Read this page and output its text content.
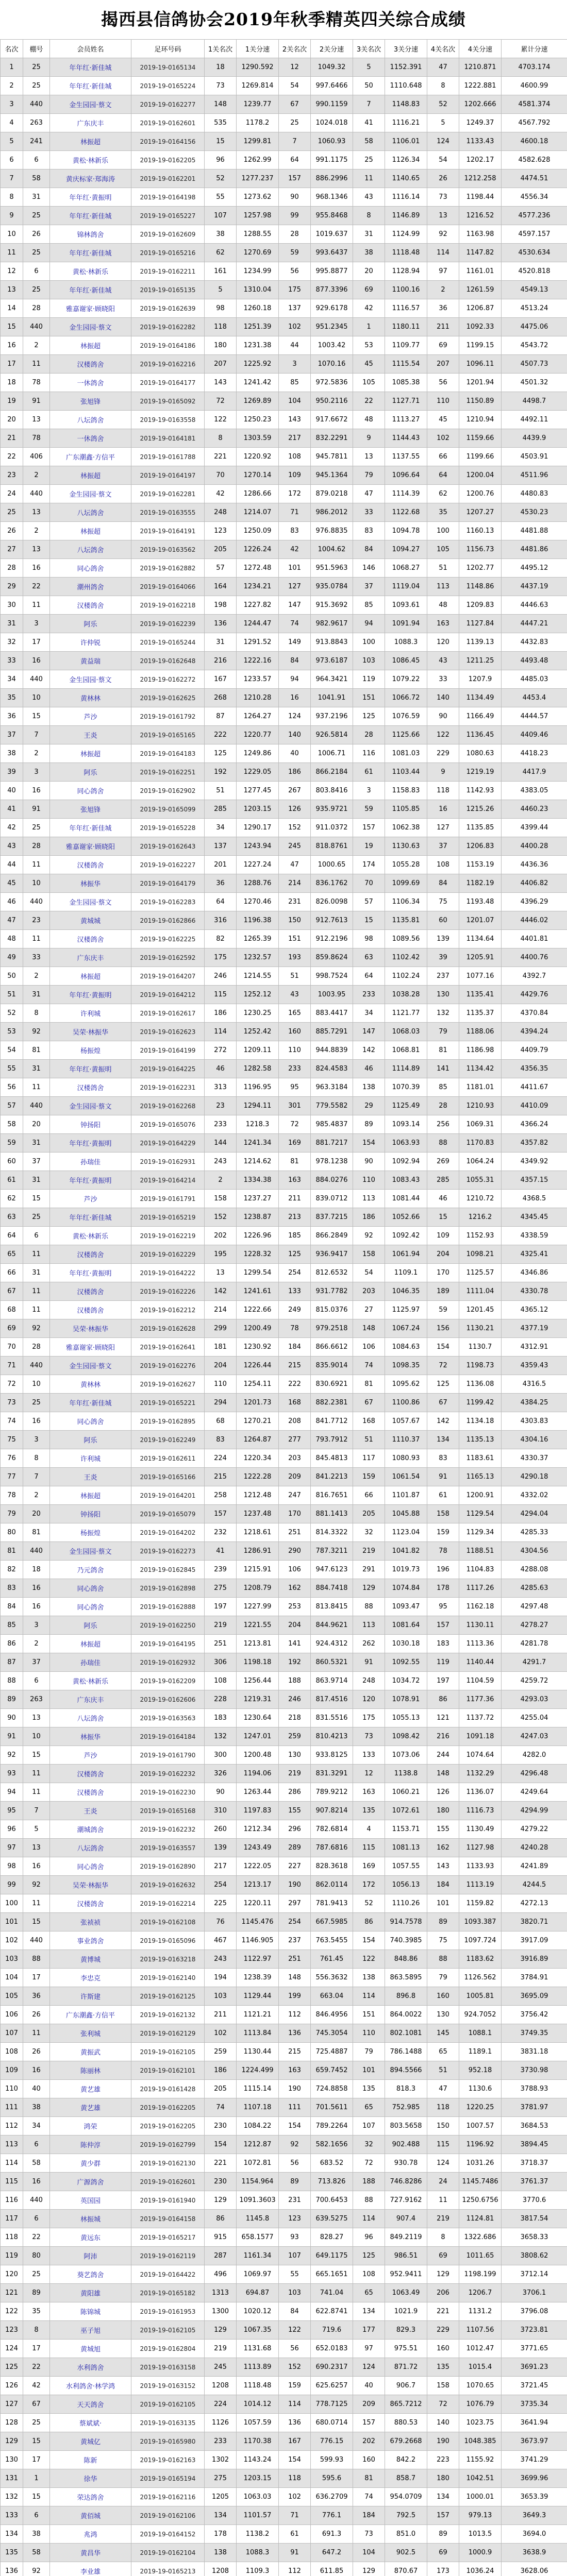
揭西县信鸽协会2019年秋季精英四关综合成绩
名次	棚号	会员姓名	足环号码	1关名次	1关分速	2关名次	2关分速	3关名次	3关分速	4关名次	4关分速	累计分速
1	25	年年红·新佳城	2019-19-0165134	18	1290.592	12	1049.32	5	1152.391	47	1210.871	4703.174
2	25	年年红·新佳城	2019-19-0165224	73	1269.814	54	997.6466	50	1110.648	8	1222.881	4600.99
3	440	金生园园·蔡文	2019-19-0162277	148	1239.77	67	990.1159	7	1148.83	52	1202.666	4581.374
4	263	广东庆丰	2019-19-0162601	535	1178.2	25	1024.018	41	1116.21	5	1249.37	4567.792
5	241	林振超	2019-19-0164156	15	1299.81	7	1060.93	58	1106.01	124	1133.43	4600.18
6	6	黄松·林新乐	2019-19-0162205	96	1262.99	64	991.1175	25	1126.34	54	1202.17	4582.628
7	58	黄庆标家·郑海涛	2019-19-0162201	52	1277.237	157	886.2996	11	1140.65	26	1212.258	4474.51
8	31	年年红·黄振明	2019-19-0164198	55	1273.62	90	968.1346	43	1116.14	73	1198.44	4556.34
9	25	年年红·新佳城	2019-19-0165227	107	1257.98	99	955.8468	8	1146.89	13	1216.52	4577.236
10	26	锦林鸽舍	2019-19-0162609	38	1288.55	28	1019.637	31	1124.99	92	1163.98	4597.157
11	25	年年红·新佳城	2019-19-0165216	62	1270.69	59	993.6437	38	1118.48	114	1147.82	4530.634
12	6	黄松·林新乐	2019-19-0162211	161	1234.99	56	995.8877	20	1128.94	97	1161.01	4520.818
13	25	年年红·新佳城	2019-19-0165135	5	1310.04	175	877.3396	69	1100.16	2	1261.59	4549.13
14	28	雅嘉谢家·顾晓阳	2019-19-0162639	98	1260.18	137	929.6178	42	1116.57	36	1206.87	4513.24
15	440	金生园园·蔡文	2019-19-0162282	118	1251.39	102	951.2345	1	1180.11	211	1092.33	4475.06
16	2	林振超	2019-19-0164186	180	1231.38	44	1003.42	53	1109.77	69	1199.15	4543.72
17	11	汉楼鸽舍	2019-19-0162216	207	1225.92	3	1070.16	45	1115.54	207	1096.11	4507.73
18	78	一休鸽舍	2019-19-0164177	143	1241.42	85	972.5836	105	1085.38	56	1201.94	4501.32
19	91	张旭锋	2019-19-0165092	72	1269.89	104	950.2116	22	1127.71	110	1150.89	4498.7
20	13	八坛鸽舍	2019-19-0163558	122	1250.23	143	917.6672	48	1113.27	45	1210.94	4492.11
21	78	一休鸽舍	2019-19-0164181	8	1303.59	217	832.2291	9	1144.43	102	1159.66	4439.9
22	406	广东潮鑫·方信平	2019-19-0161788	221	1220.92	108	945.7811	13	1137.55	66	1199.66	4503.91
23	2	林振超	2019-19-0164197	70	1270.14	109	945.1364	79	1096.64	64	1200.04	4511.96
24	440	金生园园·蔡文	2019-19-0162281	42	1286.66	172	879.0218	47	1114.39	62	1200.76	4480.83
25	13	八坛鸽舍	2019-19-0163555	248	1214.07	71	986.2012	33	1122.68	35	1207.27	4530.23
26	2	林振超	2019-19-0164191	123	1250.09	83	976.8835	83	1094.78	100	1160.13	4481.88
27	13	八坛鸽舍	2019-19-0163562	205	1226.24	42	1004.62	84	1094.27	105	1156.73	4481.86
28	16	同心鸽舍	2019-19-0162882	57	1272.48	101	951.5963	146	1068.27	51	1202.77	4495.12
29	22	潮州鸽舍	2019-19-0164066	164	1234.21	127	935.0784	37	1119.04	113	1148.86	4437.19
30	11	汉楼鸽舍	2019-19-0162218	198	1227.82	147	915.3692	85	1093.61	48	1209.83	4446.63
31	3	阿乐	2019-19-0162239	136	1244.47	74	982.9617	94	1091.94	163	1127.84	4447.21
32	17	许仲锐	2019-19-0165244	31	1291.52	149	913.8843	100	1088.3	120	1139.13	4432.83
33	16	黄益瑞	2019-19-0162648	216	1222.16	84	973.6187	103	1086.45	43	1211.25	4493.48
34	440	金生园园·蔡文	2019-19-0162272	167	1233.57	94	964.3421	119	1079.22	33	1207.9	4485.03
35	10	黄林林	2019-19-0162625	268	1210.28	16	1041.91	151	1066.72	140	1134.49	4453.4
36	15	芦沙	2019-19-0161792	87	1264.27	124	937.2196	125	1076.59	90	1166.49	4444.57
37	7	王炎	2019-19-0165165	222	1220.77	140	926.5814	28	1125.66	122	1136.45	4409.46
38	2	林振超	2019-19-0164183	125	1249.86	40	1006.71	116	1081.03	229	1080.63	4418.23
39	3	阿乐	2019-19-0162251	192	1229.05	186	866.2184	61	1103.44	9	1219.19	4417.9
40	16	同心鸽舍	2019-19-0162902	51	1277.45	267	803.8416	3	1158.83	118	1142.93	4383.05
41	91	张旭锋	2019-19-0165099	285	1203.15	126	935.9721	59	1105.85	16	1215.26	4460.23
42	25	年年红·新佳城	2019-19-0165228	34	1290.17	152	911.0372	157	1062.38	127	1135.85	4399.44
43	28	雅嘉谢家·顾晓阳	2019-19-0162643	137	1243.94	245	818.8761	19	1130.63	37	1206.83	4400.28
44	11	汉楼鸽舍	2019-19-0162227	201	1227.24	47	1000.65	174	1055.28	108	1153.19	4436.36
45	10	林振华	2019-19-0164179	36	1288.76	214	836.1762	70	1099.69	84	1182.19	4406.82
46	440	金生园园·蔡文	2019-19-0162283	64	1270.46	231	826.0098	57	1106.34	75	1193.48	4396.29
47	23	黄城城	2019-19-0162866	316	1196.38	150	912.7613	15	1135.81	60	1201.07	4446.02
48	11	汉楼鸽舍	2019-19-0162225	82	1265.39	151	912.2196	98	1089.56	139	1134.64	4401.81
49	33	广东庆丰	2019-19-0162592	175	1232.57	193	859.8624	63	1102.42	39	1205.91	4400.76
50	2	林振超	2019-19-0164207	246	1214.55	51	998.7524	64	1102.24	237	1077.16	4392.7
51	31	年年红·黄振明	2019-19-0164212	115	1252.12	43	1003.95	233	1038.28	130	1135.41	4429.76
52	8	许利城	2019-19-0162617	186	1230.25	165	883.4417	34	1121.77	132	1135.37	4370.84
53	92	吴荣·林振华	2019-19-0162623	114	1252.42	160	885.7291	147	1068.03	79	1188.06	4394.24
54	81	杨振煌	2019-19-0164199	272	1209.11	110	944.8839	142	1068.81	81	1186.98	4409.79
55	31	年年红·黄振明	2019-19-0164225	46	1282.58	233	824.4583	46	1114.89	141	1134.42	4356.35
56	11	汉楼鸽舍	2019-19-0162231	313	1196.95	95	963.3184	138	1070.39	85	1181.01	4411.67
57	440	金生园园·蔡文	2019-19-0162268	23	1294.11	301	779.5582	29	1125.49	28	1210.93	4410.09
58	20	钟扬阳	2019-19-0165076	233	1218.3	72	985.4837	89	1093.14	256	1069.31	4366.24
59	31	年年红·黄振明	2019-19-0164229	144	1241.34	169	881.7217	154	1063.93	88	1170.83	4357.82
60	37	孙瑞佳	2019-19-0162931	243	1214.62	81	978.1238	90	1092.94	269	1064.24	4349.92
61	31	年年红·黄振明	2019-19-0164214	2	1334.38	163	884.0276	110	1083.43	285	1055.31	4357.15
62	15	芦沙	2019-19-0161791	158	1237.27	211	839.0712	113	1081.44	46	1210.72	4368.5
63	25	年年红·新佳城	2019-19-0165219	152	1238.87	213	837.7215	186	1052.66	15	1216.2	4345.45
64	6	黄松·林新乐	2019-19-0162219	202	1226.96	185	866.2849	92	1092.42	109	1152.93	4338.59
65	11	汉楼鸽舍	2019-19-0162229	195	1228.32	125	936.9417	158	1061.94	204	1098.21	4325.41
66	31	年年红·黄振明	2019-19-0164222	13	1299.54	254	812.6532	54	1109.1	170	1125.57	4346.86
67	11	汉楼鸽舍	2019-19-0162226	142	1241.61	133	931.7782	203	1046.35	189	1111.04	4330.78
68	11	汉楼鸽舍	2019-19-0162212	214	1222.66	249	815.0376	27	1125.97	59	1201.45	4365.12
69	92	吴荣·林振华	2019-19-0162628	299	1200.49	78	979.2518	148	1067.24	156	1130.21	4377.19
70	28	雅嘉谢家·顾晓阳	2019-19-0162641	181	1230.92	184	866.6612	106	1084.63	154	1130.7	4312.91
71	440	金生园园·蔡文	2019-19-0162276	204	1226.44	215	835.9014	74	1098.35	72	1198.73	4359.43
72	10	黄林林	2019-19-0162627	110	1254.11	222	830.6921	81	1095.62	125	1136.08	4316.5
73	25	年年红·新佳城	2019-19-0165221	294	1201.73	168	882.2381	67	1100.86	67	1199.42	4384.25
74	16	同心鸽舍	2019-19-0162895	68	1270.21	208	841.7712	168	1057.67	142	1134.18	4303.83
75	3	阿乐	2019-19-0162249	83	1264.87	277	793.7912	51	1110.37	134	1135.13	4304.16
76	8	许利城	2019-19-0162611	224	1220.34	203	845.4813	117	1080.93	83	1183.61	4330.37
77	7	王炎	2019-19-0165166	215	1222.28	209	841.2213	159	1061.54	91	1165.13	4290.18
78	2	林振超	2019-19-0164201	258	1212.48	247	816.7651	66	1101.87	61	1200.91	4332.02
79	20	钟扬阳	2019-19-0165079	157	1237.48	170	881.1413	205	1045.88	158	1129.54	4294.04
80	81	杨振煌	2019-19-0164202	232	1218.61	251	814.3322	32	1123.04	159	1129.34	4285.33
81	440	金生园园·蔡文	2019-19-0162273	41	1286.91	290	787.3211	219	1041.82	78	1188.51	4304.56
82	18	乃元鸽舍	2019-19-0162845	239	1215.91	106	947.6123	291	1019.73	196	1104.83	4288.08
83	16	同心鸽舍	2019-19-0162898	275	1208.79	162	884.7418	129	1074.84	178	1117.26	4285.63
84	16	同心鸽舍	2019-19-0162888	197	1227.99	253	813.8415	88	1093.47	95	1162.18	4297.48
85	3	阿乐	2019-19-0162250	219	1221.55	204	844.9621	113	1081.64	157	1130.11	4278.27
86	2	林振超	2019-19-0164195	251	1213.81	141	924.4312	262	1030.18	183	1113.36	4281.78
87	37	孙瑞佳	2019-19-0162932	306	1198.18	192	860.5321	91	1092.55	119	1140.44	4291.7
88	6	黄松·林新乐	2019-19-0162209	108	1256.44	188	863.9714	248	1034.72	197	1104.59	4259.72
89	263	广东庆丰	2019-19-0162606	228	1219.31	246	817.4516	120	1078.91	86	1177.36	4293.03
90	13	八坛鸽舍	2019-19-0163563	183	1230.64	218	831.5516	175	1055.13	121	1137.72	4255.04
91	10	林振华	2019-19-0164184	132	1247.01	259	810.4213	73	1098.42	216	1091.18	4247.03
92	15	芦沙	2019-19-0161790	300	1200.48	130	933.8125	133	1073.06	244	1074.64	4282.0
93	11	汉楼鸽舍	2019-19-0162232	326	1194.06	219	831.3291	12	1138.8	148	1132.29	4296.48
94	11	汉楼鸽舍	2019-19-0162230	90	1263.44	286	789.9212	163	1060.21	126	1136.07	4249.64
95	7	王炎	2019-19-0165168	310	1197.83	155	907.8214	135	1072.61	180	1116.73	4294.99
96	5	潮城鸽舍	2019-19-0162232	260	1212.34	296	782.6814	4	1153.71	155	1130.49	4279.22
97	13	八坛鸽舍	2019-19-0163557	139	1243.49	289	787.6816	115	1081.13	162	1127.98	4240.28
98	16	同心鸽舍	2019-19-0162890	217	1222.05	227	828.3618	169	1057.55	143	1133.93	4241.89
99	92	吴荣·林振华	2019-19-0162632	254	1213.17	190	862.0114	172	1056.13	184	1113.19	4244.5
100	11	汉楼鸽舍	2019-19-0162214	225	1220.11	297	781.9413	52	1110.26	101	1159.82	4272.13
101	15	张祯祯	2019-19-0162108	76	1145.476	254	667.5985	86	914.7578	89	1093.387	3820.71
102	440	事业鸽舍	2019-19-0165096	467	1146.905	237	763.5455	154	740.3985	75	1097.724	3917.09
103	88	黄博城	2019-19-0163218	243	1122.97	251	761.45	122	848.86	88	1183.62	3916.89
104	17	李忠克	2019-19-0162140	194	1238.39	148	556.3632	138	863.5895	79	1126.562	3784.91
105	36	许斯建	2019-19-0162125	103	1129.44	199	663.04	114	896.8	160	1005.81	3695.09
106	26	广东潮鑫·方信平	2019-19-0162132	211	1121.21	112	846.4956	151	864.0022	130	924.7052	3756.42
107	11	张利城	2019-19-0162129	102	1113.84	136	745.3054	110	802.1081	145	1088.1	3749.35
108	26	黄振武	2019-19-0162105	259	1130.44	215	725.4887	79	786.1488	65	1189.1	3831.18
109	16	陈丽林	2019-19-0162101	186	1224.499	163	659.7452	101	894.5566	51	952.18	3730.98
110	40	黄艺雄	2019-19-0161428	205	1115.14	190	724.8858	135	818.3	47	1130.6	3788.93
111	38	黄艺雄	2019-19-0162205	74	1107.18	111	701.5611	65	752.985	118	1220.25	3781.97
112	34	鸿荣	2019-19-0162205	230	1084.22	154	789.2264	107	803.5658	150	1007.57	3684.53
113	6	陈仲淳	2019-19-0162799	154	1212.87	92	582.1656	32	902.488	115	1196.92	3894.45
114	58	黄少群	2019-19-0162130	221	1072.81	56	683.52	72	930.78	124	1031.26	3718.37
115	16	广源鸽舍	2019-19-0162601	230	1154.964	89	713.826	188	746.8286	24	1145.7486	3761.37
116	440	英国园	2019-19-0161940	129	1091.3603	231	700.6453	88	727.9162	11	1250.6756	3770.6
117	6	林振城	2019-19-0164158	86	1145.8	123	639.5275	114	907.4	219	1124.81	3817.54
118	22	黄远东	2019-19-0165217	915	658.1577	93	828.27	96	849.2119	8	1322.686	3658.33
119	80	阿沛	2019-19-0162119	287	1161.34	107	649.1175	125	986.51	69	1011.65	3808.62
120	25	葵艺鸽舍	2019-19-0164422	496	1069.97	55	665.1651	108	952.9411	129	1198.199	3712.14
121	89	黄阳雄	2019-19-0165182	1313	694.87	103	741.04	65	1063.49	206	1206.7	3706.1
122	35	陈锦城	2019-19-0161953	1300	1020.12	84	622.8741	134	1021.9	221	1131.2	3796.08
123	8	巫子旭	2019-19-0162105	129	1067.35	122	719.6	177	829.3	229	1107.56	3723.81
124	17	黄城旭	2019-19-0162804	219	1131.68	56	652.0183	97	975.51	160	1012.47	3771.65
125	22	水利鸽舍	2019-19-0163158	245	1113.89	152	690.2317	124	871.72	135	1015.4	3691.23
126	42	水利鸽舍·林学鸿	2019-19-0163152	1208	1118.48	159	625.6257	40	906.7	158	1070.65	3721.45
127	67	天天鸽舍	2019-19-0162105	224	1014.12	114	778.7125	209	865.7212	72	1076.79	3735.34
128	25	蔡斌斌·	2019-19-0163135	1126	1057.59	136	680.0714	157	880.53	140	1023.75	3641.94
129	15	黄城亿	2019-19-0165980	233	1170.38	167	776.15	202	679.2668	190	1048.385	3673.97
130	17	陈新	2019-19-0162163	1302	1143.24	154	599.93	160	842.2	223	1155.92	3741.29
131	1	徐华	2019-19-0165194	275	1203.15	118	595.6	81	858.7	180	1042.51	3699.96
132	15	荣达鸽舍	2019-19-0162116	1205	1063.03	102	636.2709	74	954.0709	134	1000.01	3653.39
133	6	黄佰城	2019-19-0162106	134	1101.57	71	776.1	184	792.5	157	979.13	3649.3
134	38	兆鸿	2019-19-0164152	178	1138.2	61	691.3	73	851.0	89	1013.5	3694.0
135	58	黄昌华	2019-19-0162104	138	1088.3	91	647.2	104	902.5	69	1000.9	3638.9
136	92	李业雄	2019-19-0165213	1208	1109.3	112	611.85	129	870.67	173	1036.24	3628.06
